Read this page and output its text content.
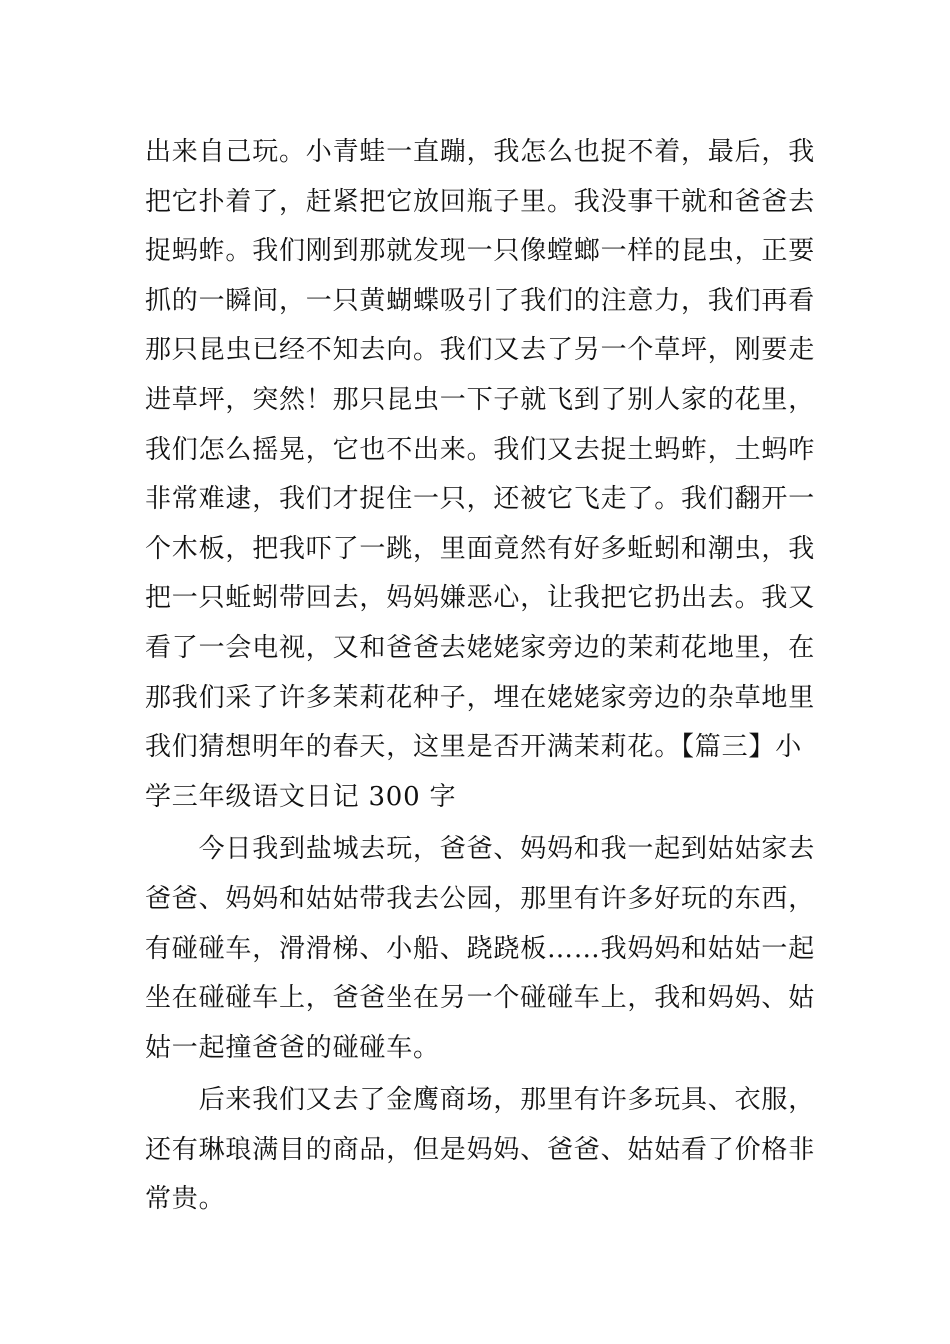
出来自己玩。小青蛙一直蹦，我怎么也捉不着，最后，我
把它扑着了，赶紧把它放回瓶子里。我没事干就和爸爸去
捉蚂蚱。我们刚到那就发现一只像螳螂一样的昆虫，正要
抓的一瞬间，一只黄蝴蝶吸引了我们的注意力，我们再看
那只昆虫已经不知去向。我们又去了另一个草坪，刚要走
进草坪，突然！那只昆虫一下子就飞到了别人家的花里，
我们怎么摇晃，它也不出来。我们又去捉土蚂蚱，土蚂咋
非常难逮，我们才捉住一只，还被它飞走了。我们翻开一
个木板，把我吓了一跳，里面竟然有好多蚯蚓和潮虫，我
把一只蚯蚓带回去，妈妈嫌恶心，让我把它扔出去。我又
看了一会电视，又和爸爸去姥姥家旁边的茉莉花地里，在
那我们采了许多茉莉花种子，埋在姥姥家旁边的杂草地里
我们猜想明年的春天，这里是否开满茉莉花。【篇三】小
学三年级语文日记 300 字
　　今日我到盐城去玩，爸爸、妈妈和我一起到姑姑家去
爸爸、妈妈和姑姑带我去公园，那里有许多好玩的东西，
有碰碰车，滑滑梯、小船、跷跷板……我妈妈和姑姑一起
坐在碰碰车上，爸爸坐在另一个碰碰车上，我和妈妈、姑
姑一起撞爸爸的碰碰车。
　　后来我们又去了金鹰商场，那里有许多玩具、衣服，
还有琳琅满目的商品，但是妈妈、爸爸、姑姑看了价格非
常贵。
